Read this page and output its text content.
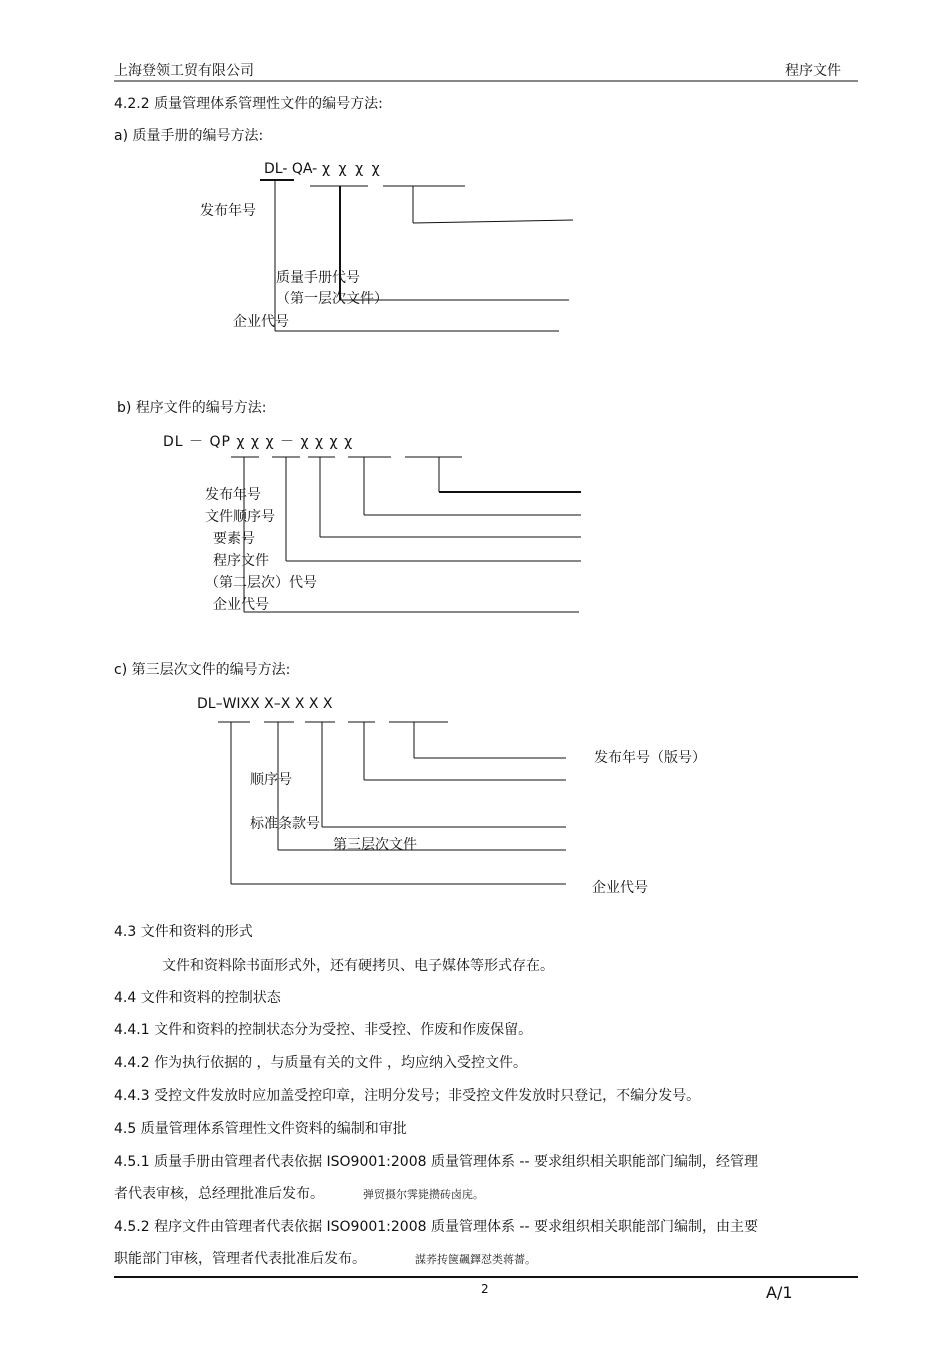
上海登领工贸有限公司	程序文件
4.2.2 质量管理体系管理性文件的编号方法:
a) 质量手册的编号方法:
DL- QA- χ χ χ χ
发布年号
质量手册代号
（第一层次文件）
企业代号
b) 程序文件的编号方法:
DL － QP χ χ χ － χ χ χ χ
发布年号
文件顺序号
要素号
程序文件
（第二层次）代号
企业代号
c) 第三层次文件的编号方法:
DL–WIXX X–X X X X
发布年号（版号）
顺序号
标准条款号
第三层次文件
企业代号
4.3 文件和资料的形式
文件和资料除书面形式外，还有硬拷贝、电子媒体等形式存在。
4.4 文件和资料的控制状态
4.4.1 文件和资料的控制状态分为受控、非受控、作废和作废保留。
4.4.2 作为执行依据的 ，与质量有关的文件 ，均应纳入受控文件。
4.4.3 受控文件发放时应加盖受控印章，注明分发号；非受控文件发放时只登记，不编分发号。
4.5 质量管理体系管理性文件资料的编制和审批
4.5.1 质量手册由管理者代表依据 ISO9001:2008 质量管理体系 -- 要求组织相关职能部门编制，经管理
者代表审核，总经理批准后发布。	弹贸摄尔霁毙攒砖卤庑。
4.5.2 程序文件由管理者代表依据 ISO9001:2008 质量管理体系 -- 要求组织相关职能部门编制，由主要
职能部门审核，管理者代表批准后发布。	謀荞抟箧飆鐸怼类蒋薔。
2	A/1
